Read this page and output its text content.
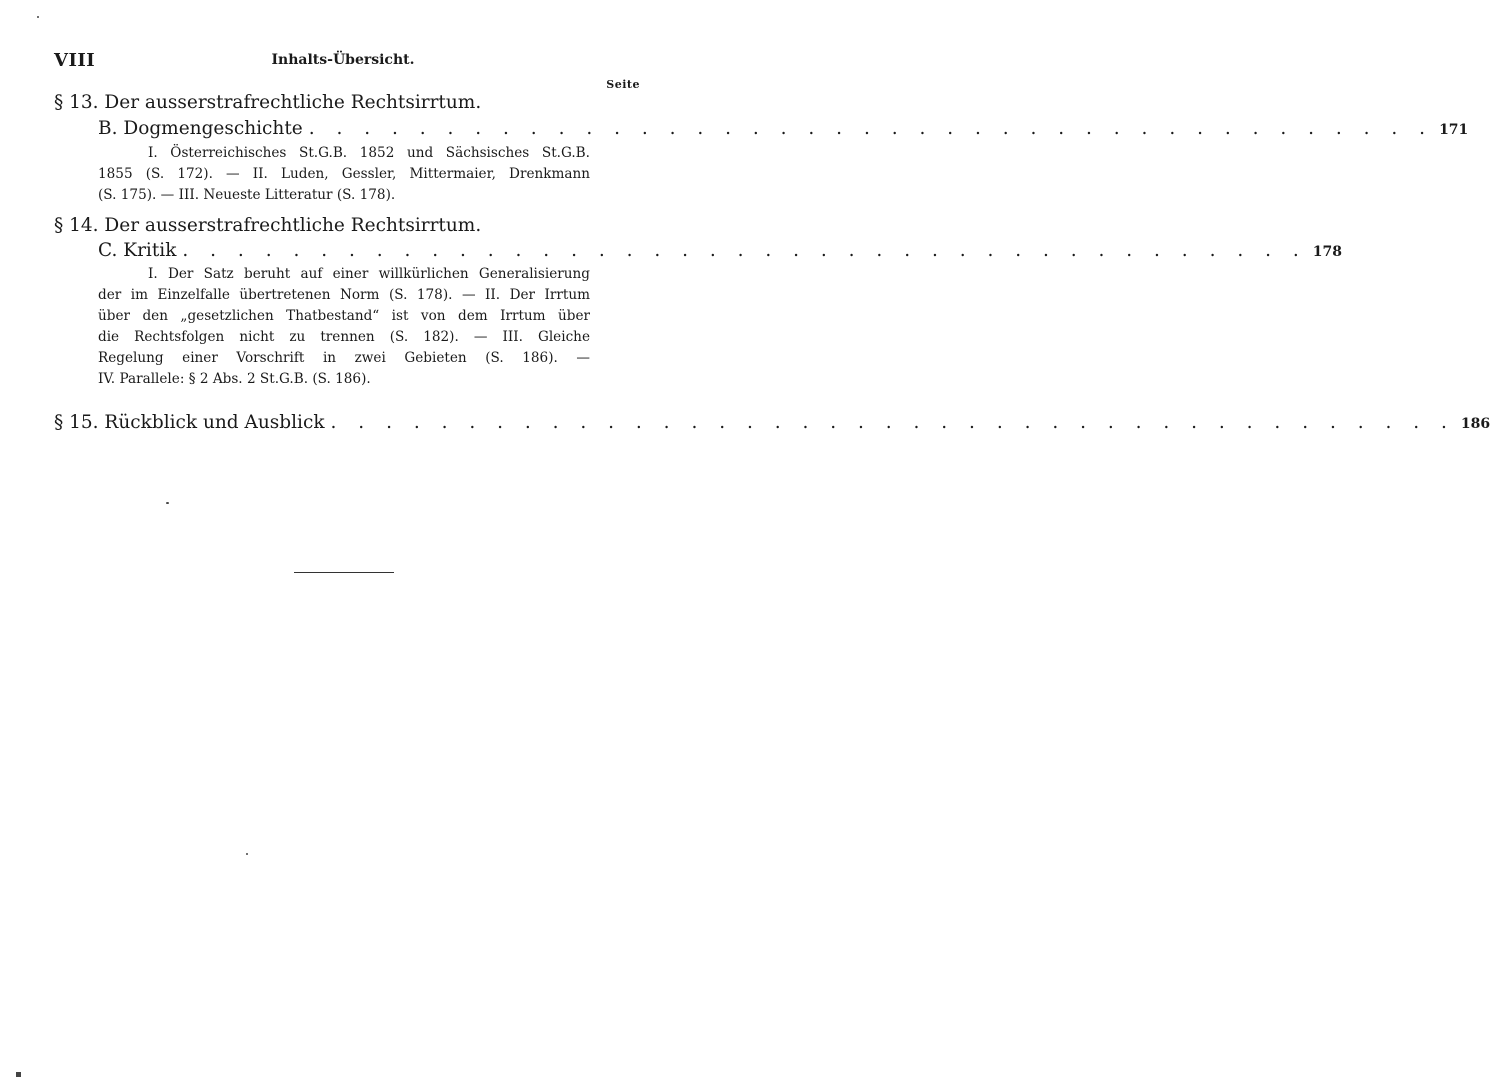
VIII	Inhalts-Übersicht.
Seite
§ 13. Der ausserstrafrechtliche Rechtsirrtum.
B. Dogmengeschichte . . . . . . . . . . . . . . . . . . . . . . . . . . . . . . . . . . . . . . . . . 171
I. Österreichisches St.G.B. 1852 und Sächsisches St.G.B.
1855 (S. 172). — II. Luden, Gessler, Mittermaier, Drenkmann
(S. 175). — III. Neueste Litteratur (S. 178).
§ 14. Der ausserstrafrechtliche Rechtsirrtum.
C. Kritik . . . . . . . . . . . . . . . . . . . . . . . . . . . . . . . . . . . . . . . . . 178
I. Der Satz beruht auf einer willkürlichen Generalisierung
der im Einzelfalle übertretenen Norm (S. 178). — II. Der Irrtum
über den „gesetzlichen Thatbestand“ ist von dem Irrtum über
die Rechtsfolgen nicht zu trennen (S. 182). — III. Gleiche
Regelung einer Vorschrift in zwei Gebieten (S. 186). —
IV. Parallele: § 2 Abs. 2 St.G.B. (S. 186).
§ 15. Rückblick und Ausblick . . . . . . . . . . . . . . . . . . . . . . . . . . . . . . . . . . . . . . . . . 186
